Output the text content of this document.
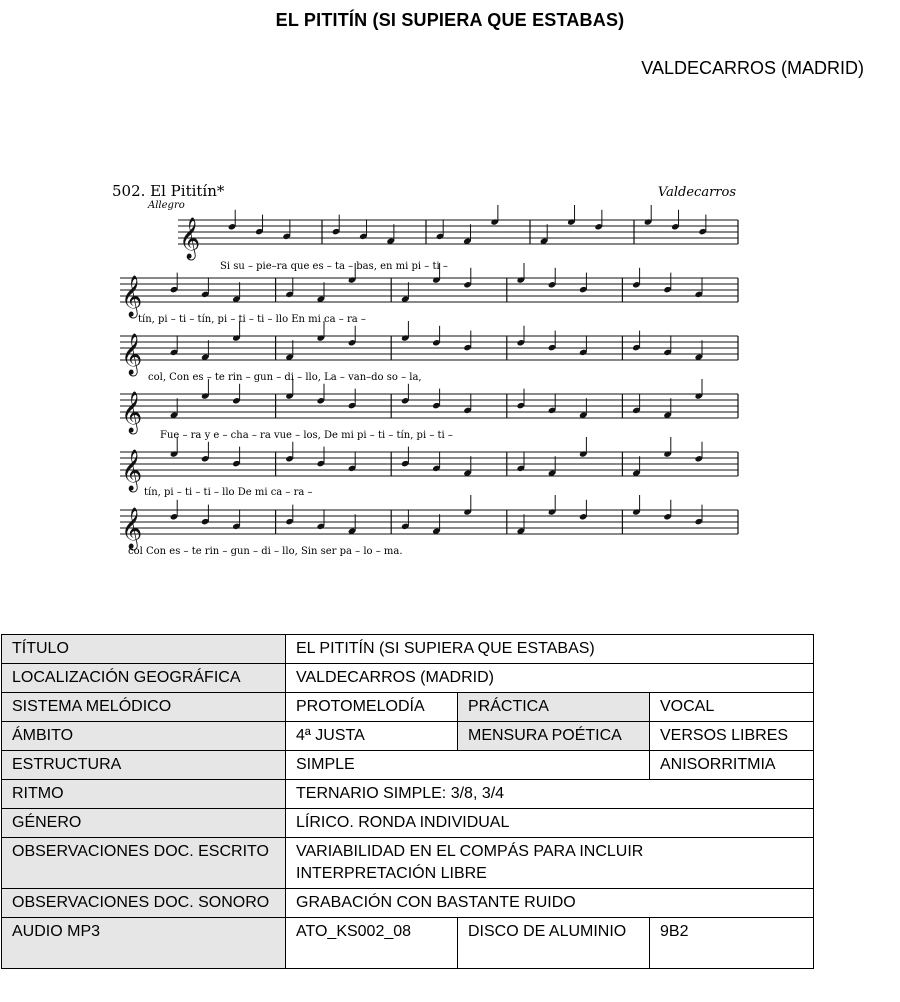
EL PITITÍN (SI SUPIERA QUE ESTABAS)
VALDECARROS (MADRID)
502. El Pititín*
Allegro
Valdecarros
𝄞
𝄞
𝄞
𝄞
𝄞
𝄞
Si su – pie–ra que es – ta – bas, en mi pi – ti –
tín, pi – ti – tín, pi – ti – ti – llo En mi ca – ra –
col, Con es – te rin – gun – di – llo, La – van–do so – la,
Fue – ra y e – cha – ra vue – los, De mi pi – ti – tín, pi – ti –
tín, pi – ti – ti – llo De mi ca – ra –
col Con es – te rin – gun – di – llo, Sin ser pa – lo – ma.
TÍTULO	EL PITITÍN (SI SUPIERA QUE ESTABAS)		
LOCALIZACIÓN GEOGRÁFICA	VALDECARROS (MADRID)		
SISTEMA MELÓDICO	PROTOMELODÍA	PRÁCTICA	VOCAL
ÁMBITO	4ª JUSTA	MENSURA POÉTICA	VERSOS LIBRES
ESTRUCTURA	SIMPLE		ANISORRITMIA
RITMO	TERNARIO SIMPLE: 3/8, 3/4		
GÉNERO	LÍRICO. RONDA INDIVIDUAL		
OBSERVACIONES DOC. ESCRITO	VARIABILIDAD EN EL COMPÁS PARA INCLUIR INTERPRETACIÓN LIBRE		
OBSERVACIONES DOC. SONORO	GRABACIÓN CON BASTANTE RUIDO		
AUDIO MP3	ATO_KS002_08	DISCO DE ALUMINIO	9B2
